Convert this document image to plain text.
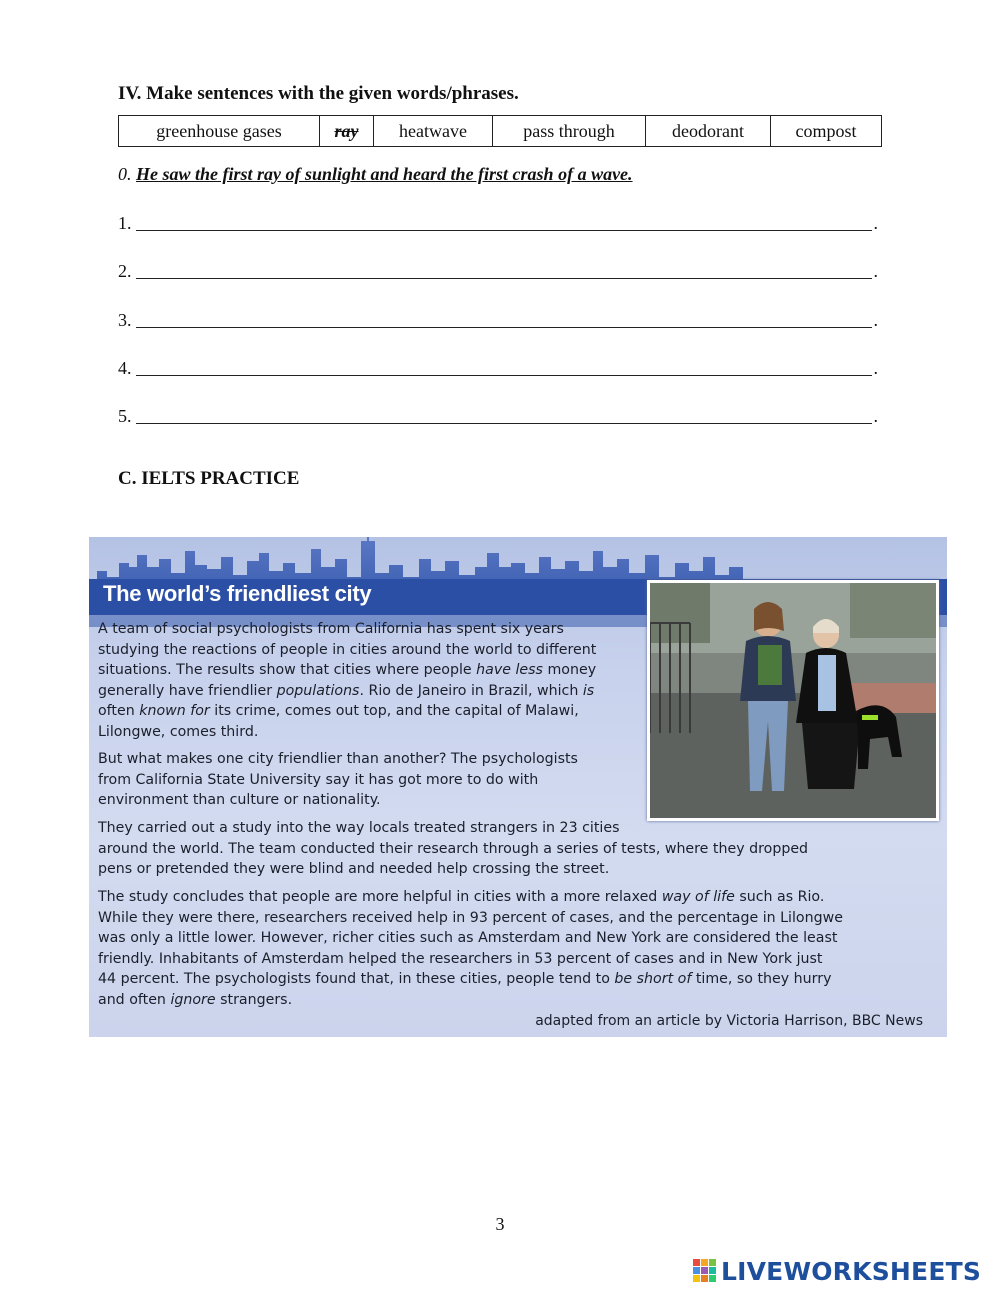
IV. Make sentences with the given words/phrases.
greenhouse gases	ray	heatwave	pass through	deodorant	compost
0. He saw the first ray of sunlight and heard the first crash of a wave.
1.	.
2.	.
3.	.
4.	.
5.	.
C. IELTS PRACTICE
The world’s friendliest city
A team of social psychologists from California has spent six years
studying the reactions of people in cities around the world to different
situations. The results show that cities where people have less money
generally have friendlier populations. Rio de Janeiro in Brazil, which is
often known for its crime, comes out top, and the capital of Malawi,
Lilongwe, comes third.
But what makes one city friendlier than another? The psychologists
from California State University say it has got more to do with
environment than culture or nationality.
They carried out a study into the way locals treated strangers in 23 cities
around the world. The team conducted their research through a series of tests, where they dropped
pens or pretended they were blind and needed help crossing the street.
The study concludes that people are more helpful in cities with a more relaxed way of life such as Rio.
While they were there, researchers received help in 93 percent of cases, and the percentage in Lilongwe
was only a little lower. However, richer cities such as Amsterdam and New York are considered the least
friendly. Inhabitants of Amsterdam helped the researchers in 53 percent of cases and in New York just
44 percent. The psychologists found that, in these cities, people tend to be short of time, so they hurry
and often ignore strangers.
adapted from an article by Victoria Harrison, BBC News
3
LIVEWORKSHEETS
